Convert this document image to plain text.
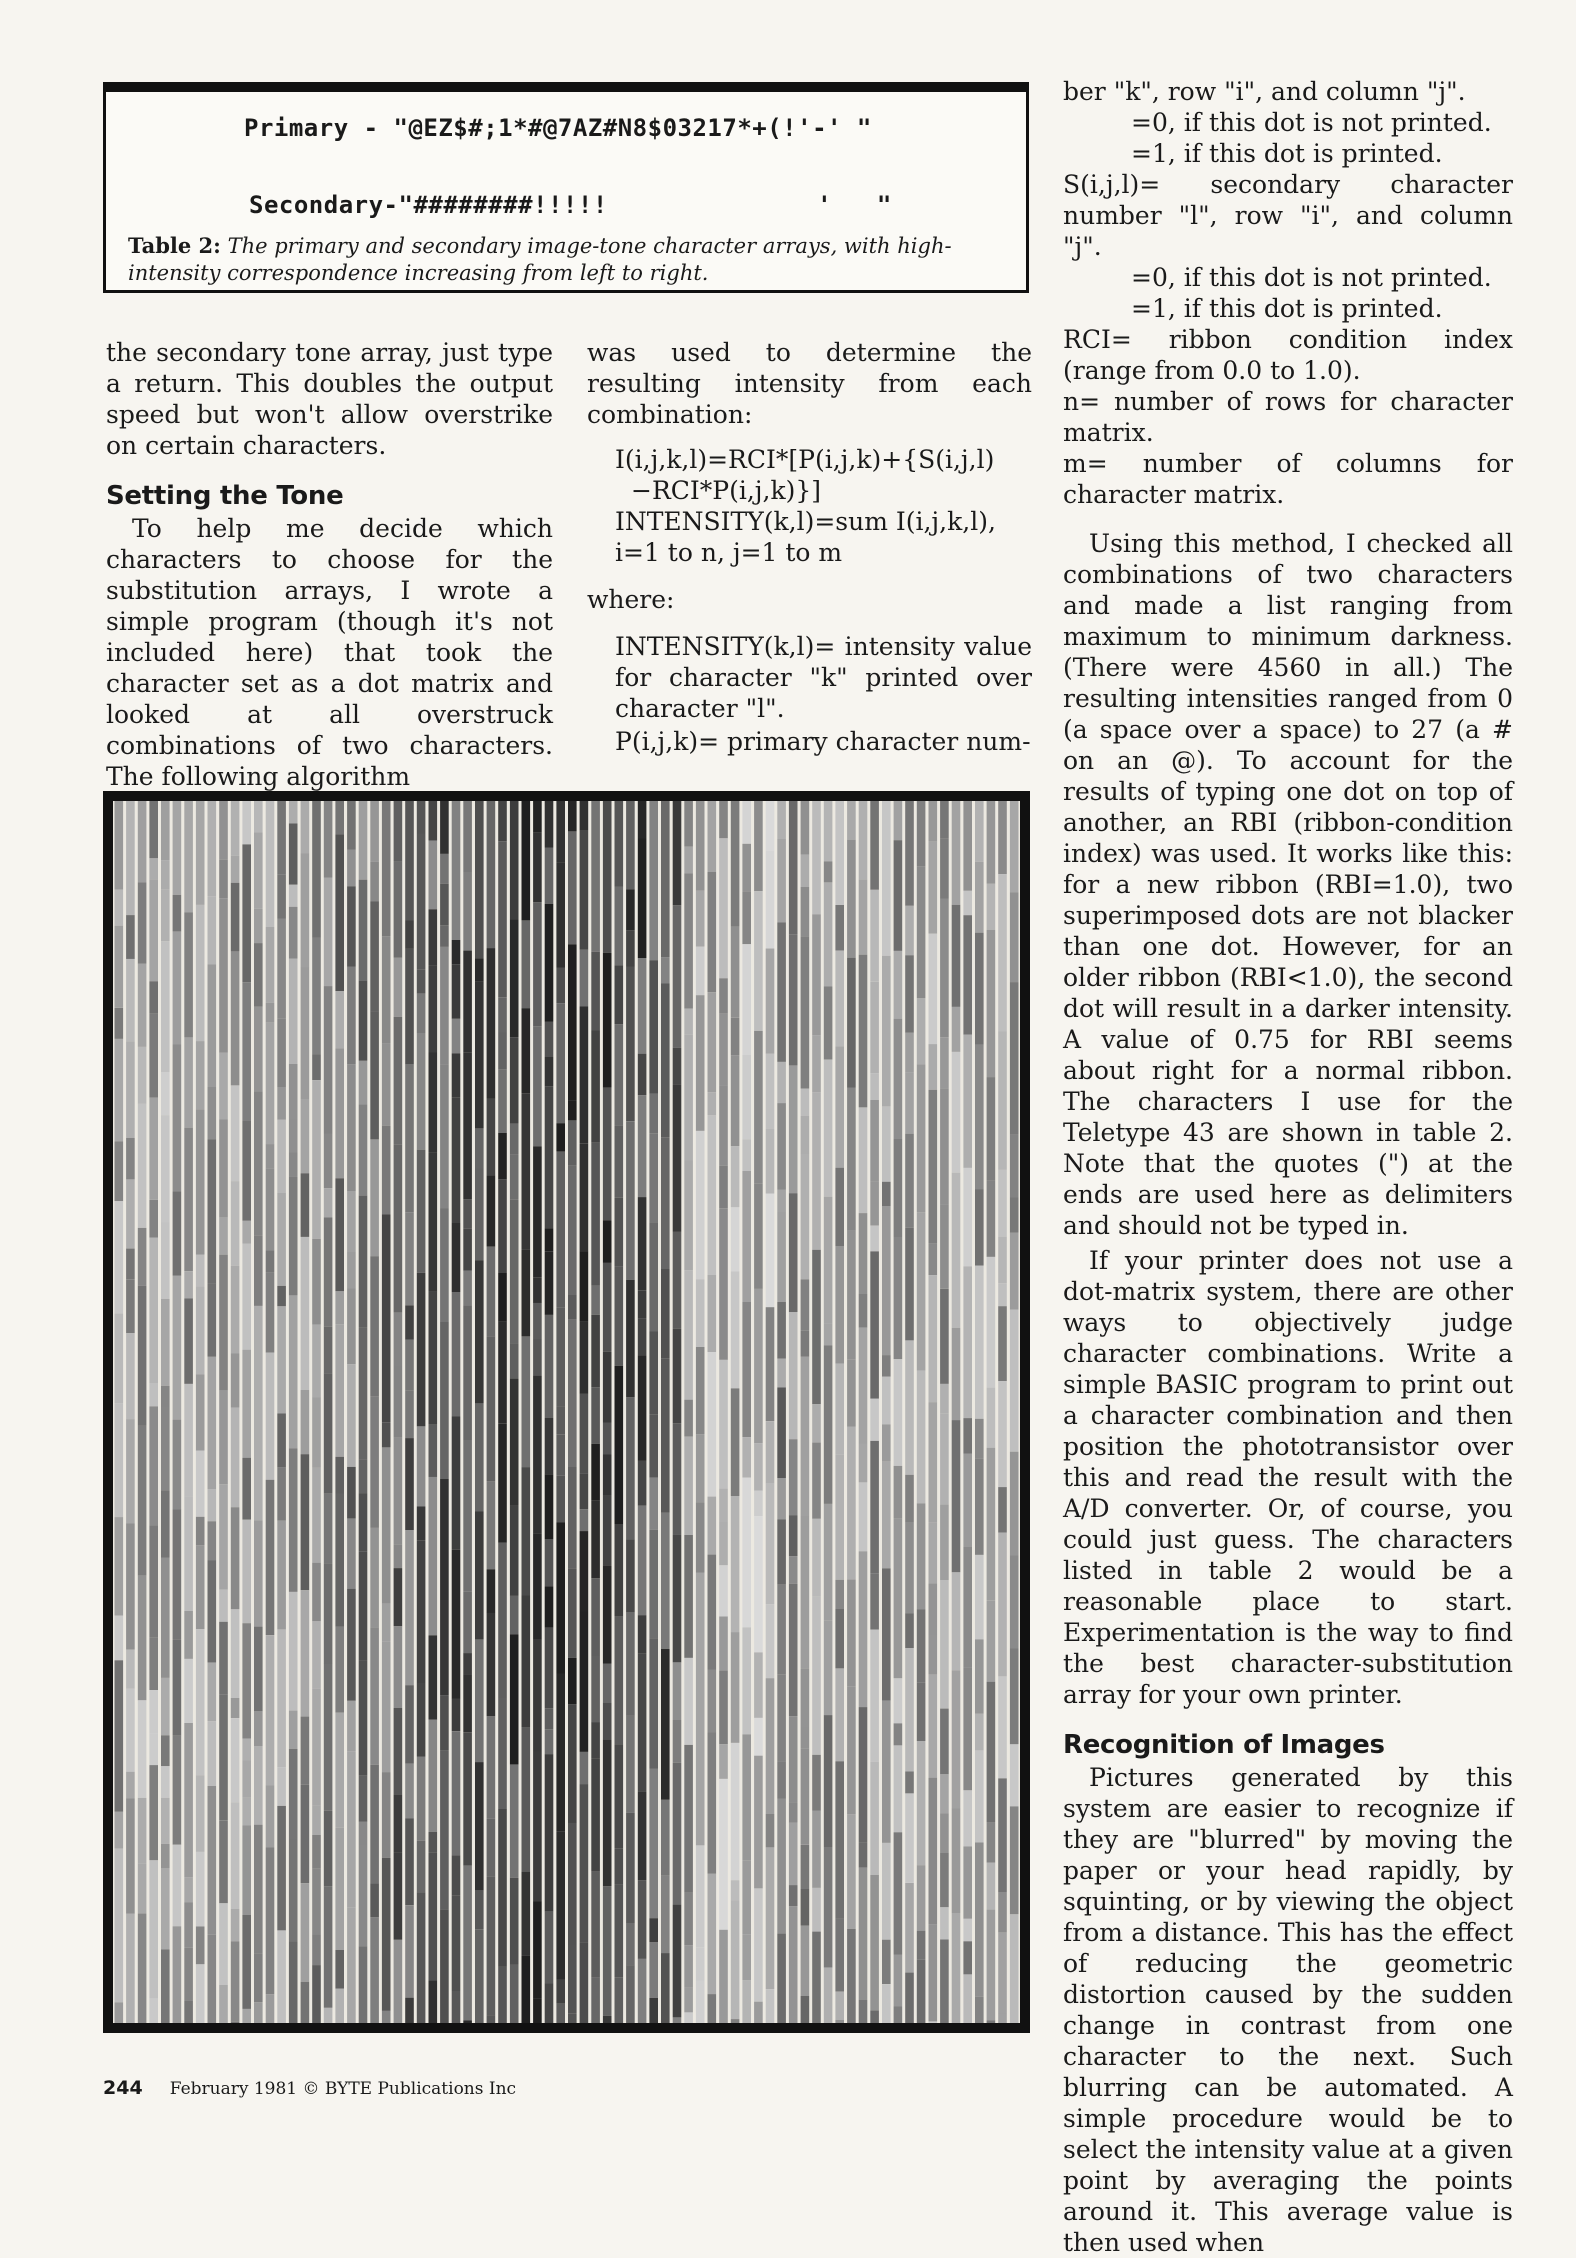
Primary - "@EZ$#;1*#@7AZ#N8$03217*+(!'-' "
Secondary-"########!!!!!              '   "
Table 2: The primary and secondary image-tone character arrays, with high-intensity correspondence increasing from left to right.

the secondary tone array, just type a return. This doubles the output speed but won't allow overstrike on certain characters.

Setting the Tone

To help me decide which characters to choose for the substitution arrays, I wrote a simple program (though it's not included here) that took the character set as a dot matrix and looked at all overstruck combinations of two characters. The following algorithm

was used to determine the resulting intensity from each combination:

I(i,j,k,l)=RCI*[P(i,j,k)+{S(i,j,l)
−RCI*P(i,j,k)}]
INTENSITY(k,l)=sum I(i,j,k,l),
i=1 to n, j=1 to m

where:

INTENSITY(k,l)= intensity value for character "k" printed over character "l".

P(i,j,k)= primary character num-

ber "k", row "i", and column "j".

=0, if this dot is not printed.

=1, if this dot is printed.

S(i,j,l)= secondary character number "l", row "i", and column "j".

=0, if this dot is not printed.

=1, if this dot is printed.

RCI= ribbon condition index (range from 0.0 to 1.0).

n= number of rows for character matrix.

m= number of columns for character matrix.

Using this method, I checked all combinations of two characters and made a list ranging from maximum to minimum darkness. (There were 4560 in all.) The resulting intensities ranged from 0 (a space over a space) to 27 (a # on an @). To account for the results of typing one dot on top of another, an RBI (ribbon-condition index) was used. It works like this: for a new ribbon (RBI=1.0), two superimposed dots are not blacker than one dot. However, for an older ribbon (RBI<1.0), the second dot will result in a darker intensity. A value of 0.75 for RBI seems about right for a normal ribbon. The characters I use for the Teletype 43 are shown in table 2. Note that the quotes (") at the ends are used here as delimiters and should not be typed in.

If your printer does not use a dot-matrix system, there are other ways to objectively judge character combinations. Write a simple BASIC program to print out a character combination and then position the phototransistor over this and read the result with the A/D converter. Or, of course, you could just guess. The characters listed in table 2 would be a reasonable place to start. Experimentation is the way to find the best character-substitution array for your own printer.

Recognition of Images

Pictures generated by this system are easier to recognize if they are "blurred" by moving the paper or your head rapidly, by squinting, or by viewing the object from a distance. This has the effect of reducing the geometric distortion caused by the sudden change in contrast from one character to the next. Such blurring can be automated. A simple procedure would be to select the intensity value at a given point by averaging the points around it. This average value is then used when

244 February 1981 © BYTE Publications Inc
